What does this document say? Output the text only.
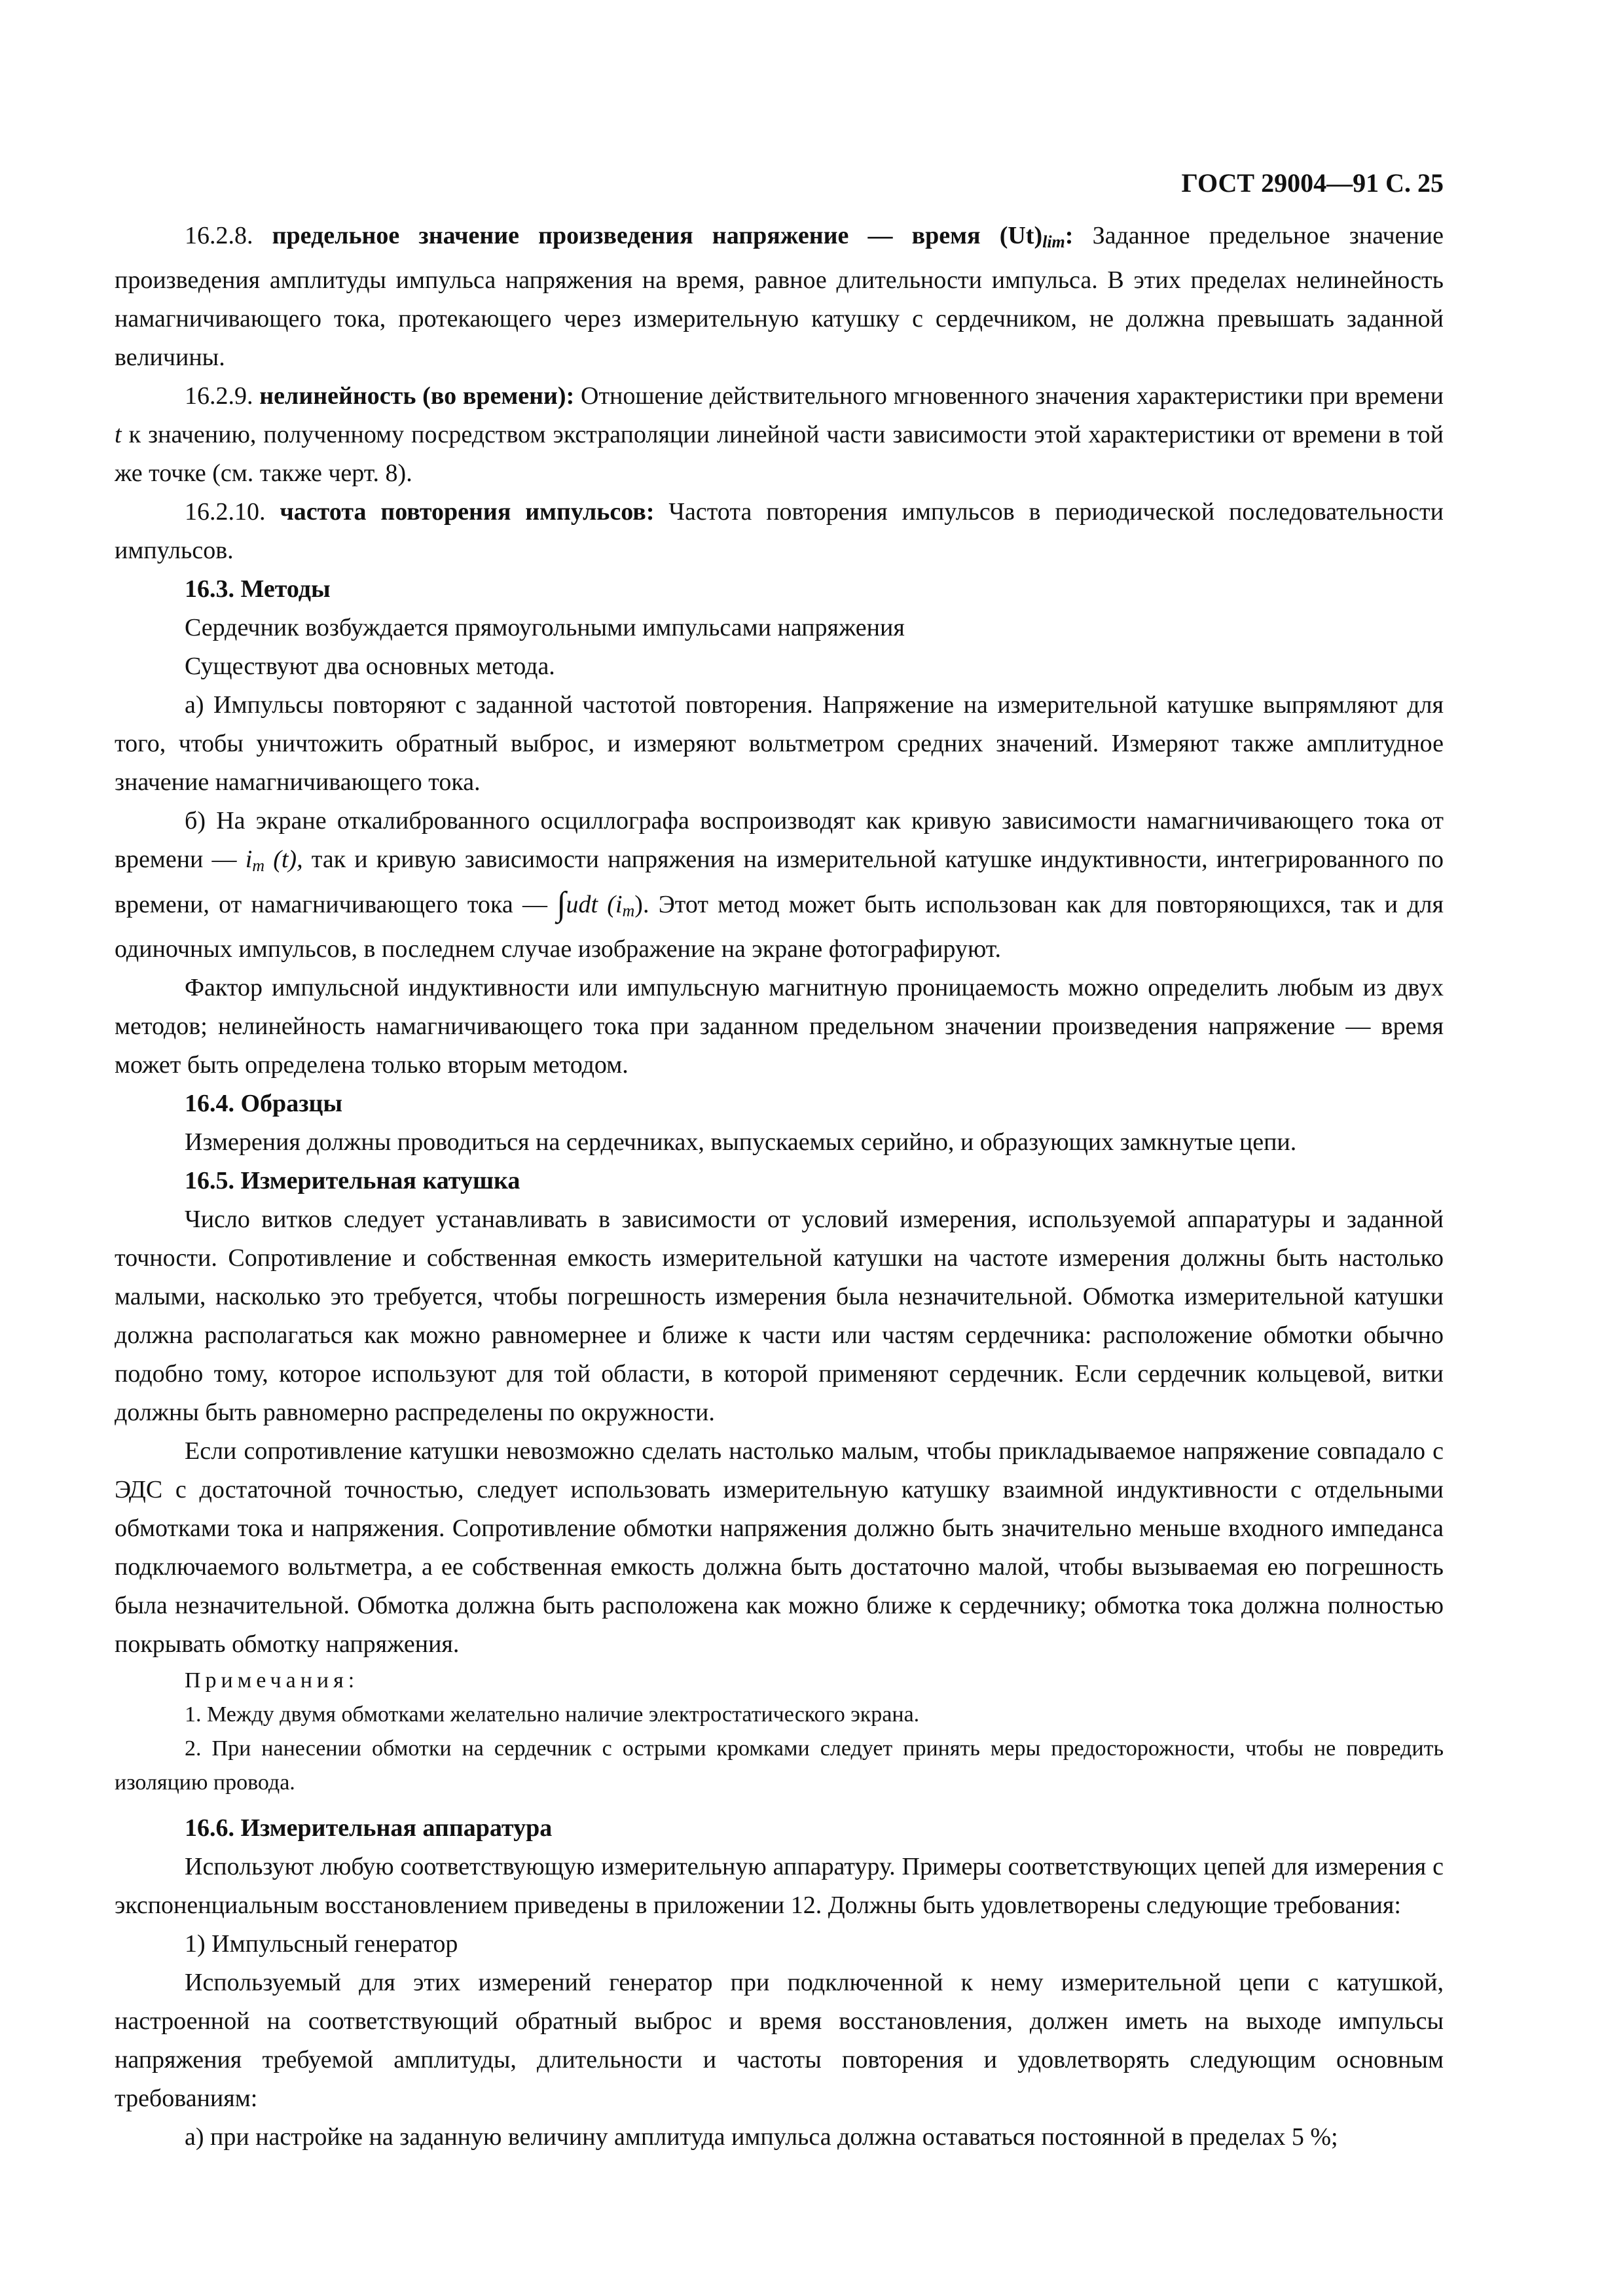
ГОСТ 29004—91 С. 25

16.2.8. предельное значение произведения напряжение — время $(Ut)_{lim}$: Заданное предельное значение произведения амплитуды импульса напряжения на время, равное длительности импульса. В этих пределах нелинейность намагничивающего тока, протекающего через измерительную катушку с сердечником, не должна превышать заданной величины.

16.2.9. нелинейность (во времени): Отношение действительного мгновенного значения характеристики при времени t к значению, полученному посредством экстраполяции линейной части зависимости этой характеристики от времени в той же точке (см. также черт. 8).

16.2.10. частота повторения импульсов: Частота повторения импульсов в периодической последовательности импульсов.

16.3. Методы

Сердечник возбуждается прямоугольными импульсами напряжения

Существуют два основных метода.

а) Импульсы повторяют с заданной частотой повторения. Напряжение на измерительной катушке выпрямляют для того, чтобы уничтожить обратный выброс, и измеряют вольтметром средних значений. Измеряют также амплитудное значение намагничивающего тока.

б) На экране откалиброванного осциллографа воспроизводят как кривую зависимости намагничивающего тока от времени — $i_m$ (t), так и кривую зависимости напряжения на измерительной катушке индуктивности, интегрированного по времени, от намагничивающего тока — ∫udt $(i_m)$. Этот метод может быть использован как для повторяющихся, так и для одиночных импульсов, в последнем случае изображение на экране фотографируют.

Фактор импульсной индуктивности или импульсную магнитную проницаемость можно определить любым из двух методов; нелинейность намагничивающего тока при заданном предельном значении произведения напряжение — время может быть определена только вторым методом.

16.4. Образцы

Измерения должны проводиться на сердечниках, выпускаемых серийно, и образующих замкнутые цепи.

16.5. Измерительная катушка

Число витков следует устанавливать в зависимости от условий измерения, используемой аппаратуры и заданной точности. Сопротивление и собственная емкость измерительной катушки на частоте измерения должны быть настолько малыми, насколько это требуется, чтобы погрешность измерения была незначительной. Обмотка измерительной катушки должна располагаться как можно равномернее и ближе к части или частям сердечника: расположение обмотки обычно подобно тому, которое используют для той области, в которой применяют сердечник. Если сердечник кольцевой, витки должны быть равномерно распределены по окружности.

Если сопротивление катушки невозможно сделать настолько малым, чтобы прикладываемое напряжение совпадало с ЭДС с достаточной точностью, следует использовать измерительную катушку взаимной индуктивности с отдельными обмотками тока и напряжения. Сопротивление обмотки напряжения должно быть значительно меньше входного импеданса подключаемого вольтметра, а ее собственная емкость должна быть достаточно малой, чтобы вызываемая ею погрешность была незначительной. Обмотка должна быть расположена как можно ближе к сердечнику; обмотка тока должна полностью покрывать обмотку напряжения.

Примечания:

1. Между двумя обмотками желательно наличие электростатического экрана.

2. При нанесении обмотки на сердечник с острыми кромками следует принять меры предосторожности, чтобы не повредить изоляцию провода.

16.6. Измерительная аппаратура

Используют любую соответствующую измерительную аппаратуру. Примеры соответствующих цепей для измерения с экспоненциальным восстановлением приведены в приложении 12. Должны быть удовлетворены следующие требования:

1) Импульсный генератор

Используемый для этих измерений генератор при подключенной к нему измерительной цепи с катушкой, настроенной на соответствующий обратный выброс и время восстановления, должен иметь на выходе импульсы напряжения требуемой амплитуды, длительности и частоты повторения и удовлетворять следующим основным требованиям:

а) при настройке на заданную величину амплитуда импульса должна оставаться постоянной в пределах 5 %;
